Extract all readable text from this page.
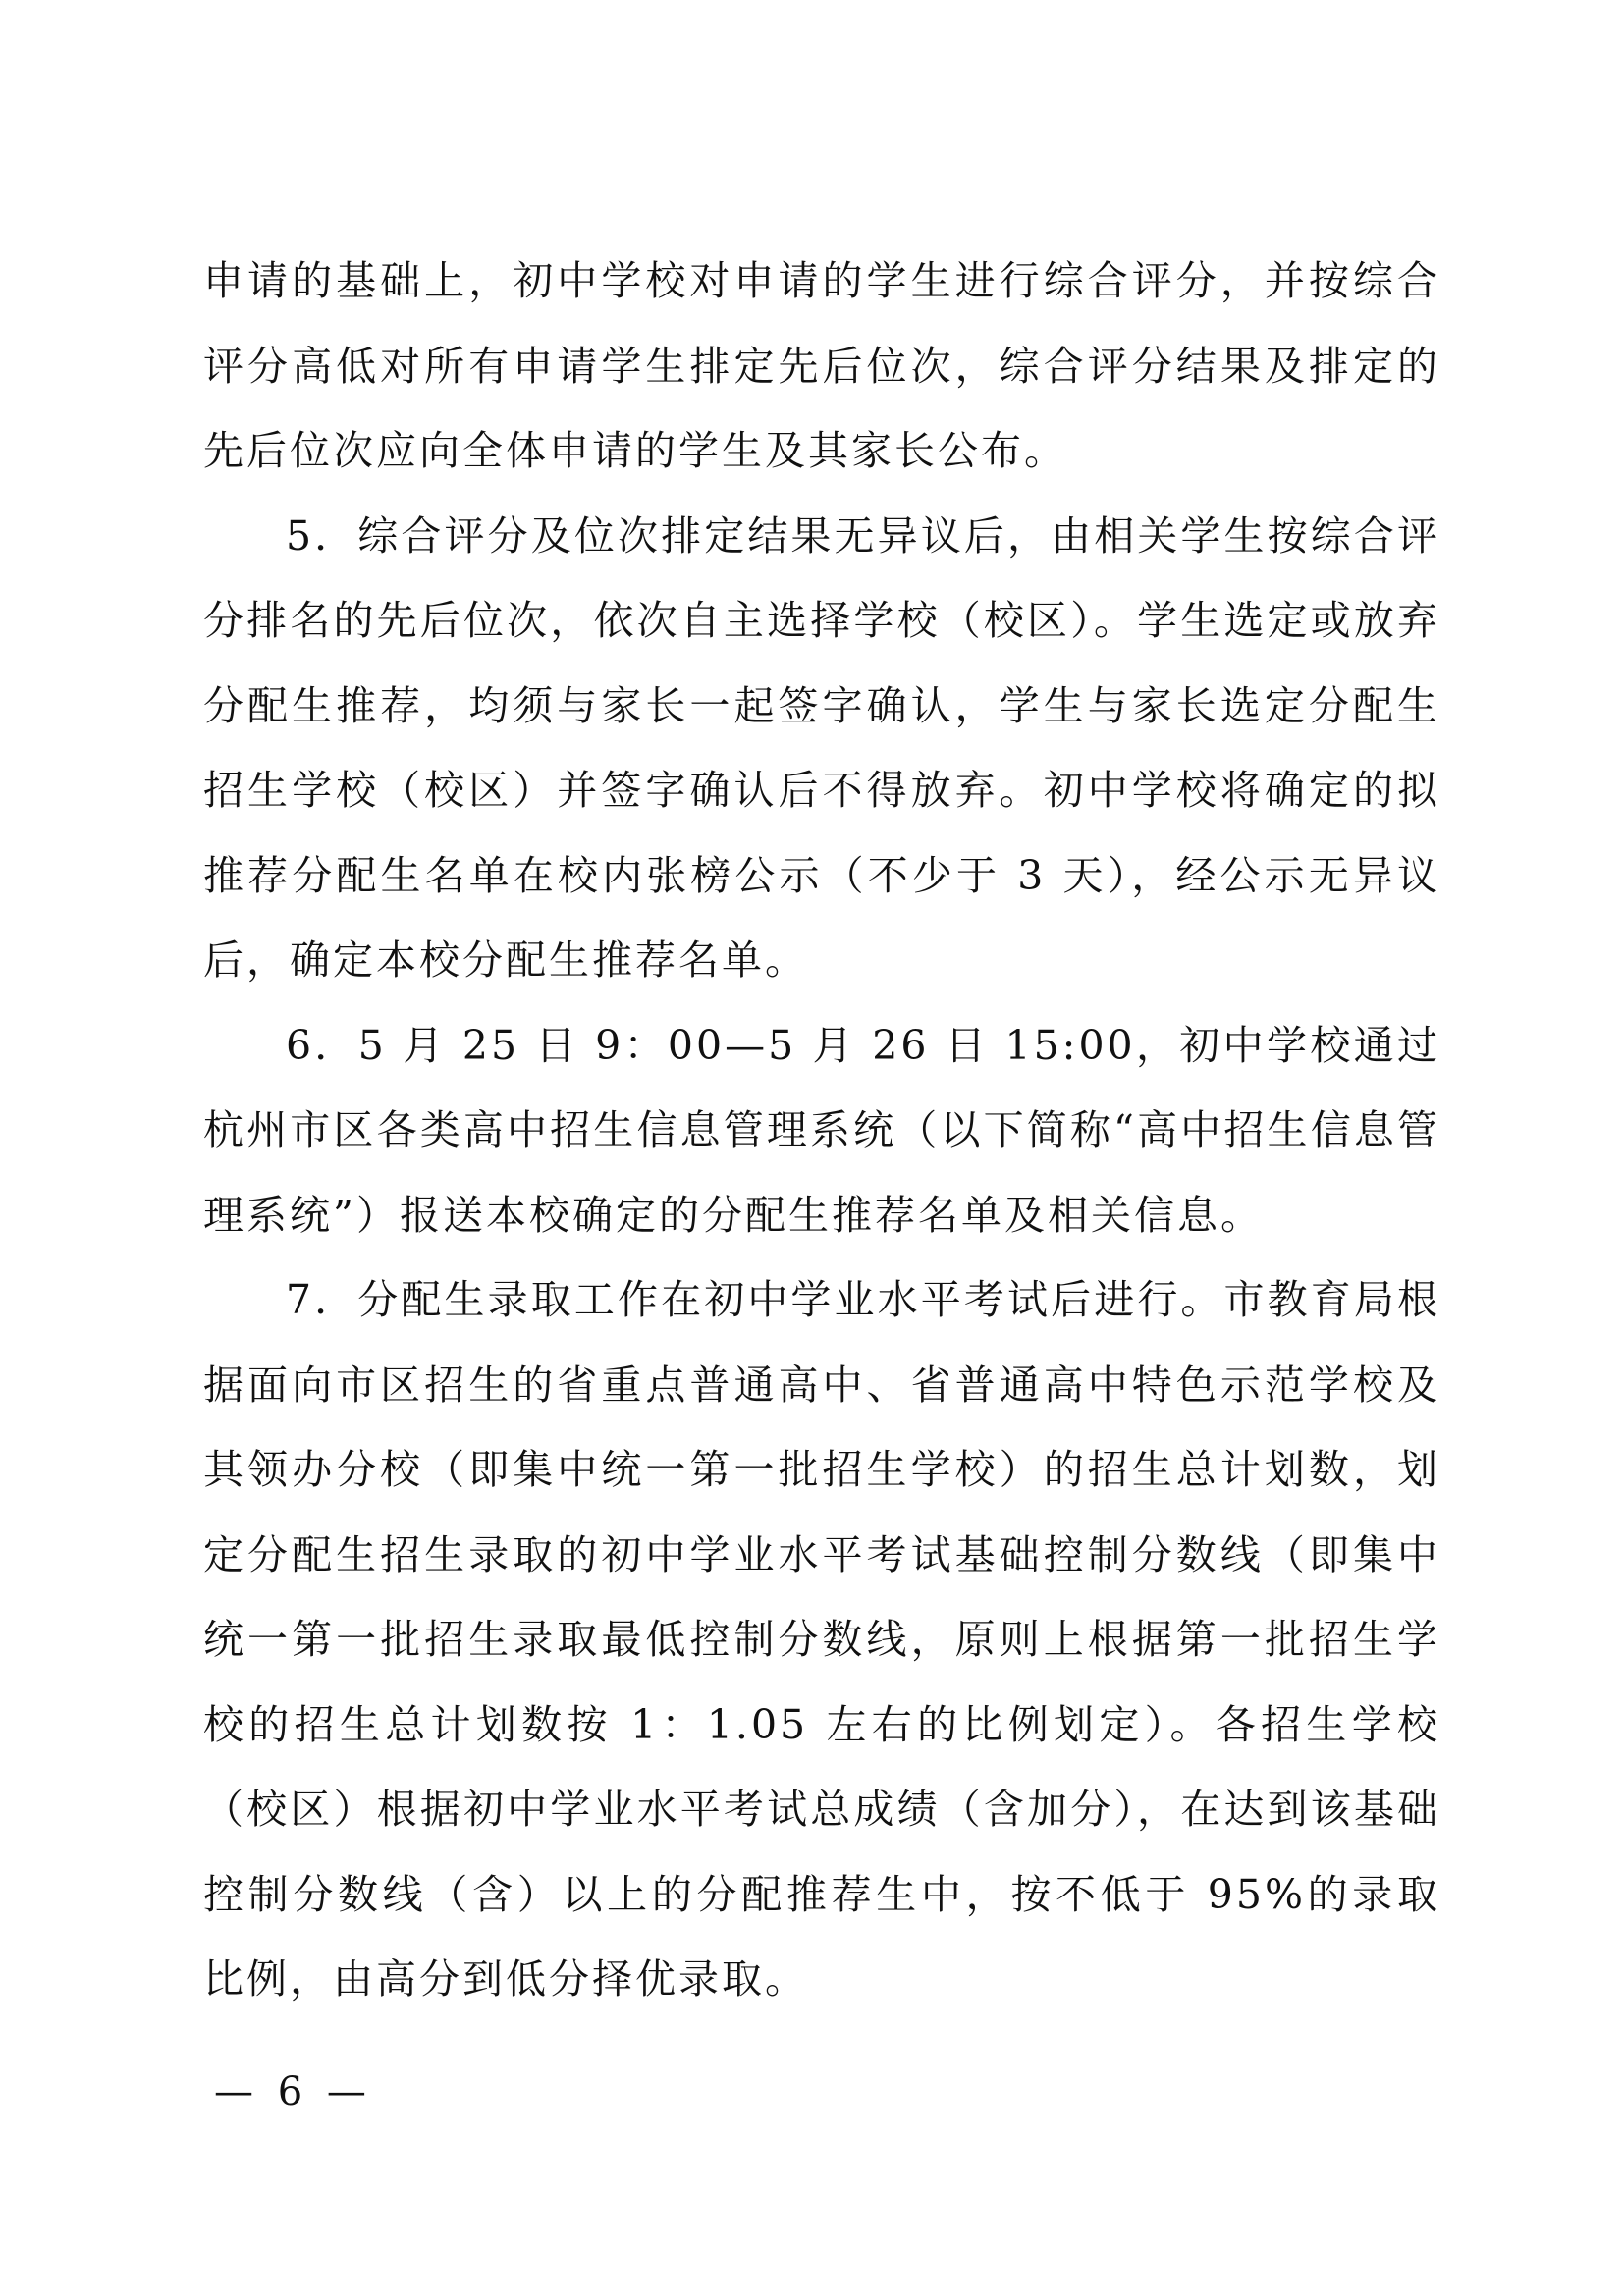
申请的基础上，初中学校对申请的学生进行综合评分，并按综合评分高低对所有申请学生排定先后位次，综合评分结果及排定的先后位次应向全体申请的学生及其家长公布。

5．综合评分及位次排定结果无异议后，由相关学生按综合评分排名的先后位次，依次自主选择学校（校区）。学生选定或放弃分配生推荐，均须与家长一起签字确认，学生与家长选定分配生招生学校（校区）并签字确认后不得放弃。初中学校将确定的拟推荐分配生名单在校内张榜公示（不少于 3 天），经公示无异议后，确定本校分配生推荐名单。

6．5 月 25 日 9：00—5 月 26 日 15:00，初中学校通过杭州市区各类高中招生信息管理系统（以下简称“高中招生信息管理系统”）报送本校确定的分配生推荐名单及相关信息。

7．分配生录取工作在初中学业水平考试后进行。市教育局根据面向市区招生的省重点普通高中、省普通高中特色示范学校及其领办分校（即集中统一第一批招生学校）的招生总计划数，划定分配生招生录取的初中学业水平考试基础控制分数线（即集中统一第一批招生录取最低控制分数线，原则上根据第一批招生学校的招生总计划数按 1：1.05 左右的比例划定）。各招生学校（校区）根据初中学业水平考试总成绩（含加分），在达到该基础控制分数线（含）以上的分配推荐生中，按不低于 95%的录取比例，由高分到低分择优录取。

— 6 —
